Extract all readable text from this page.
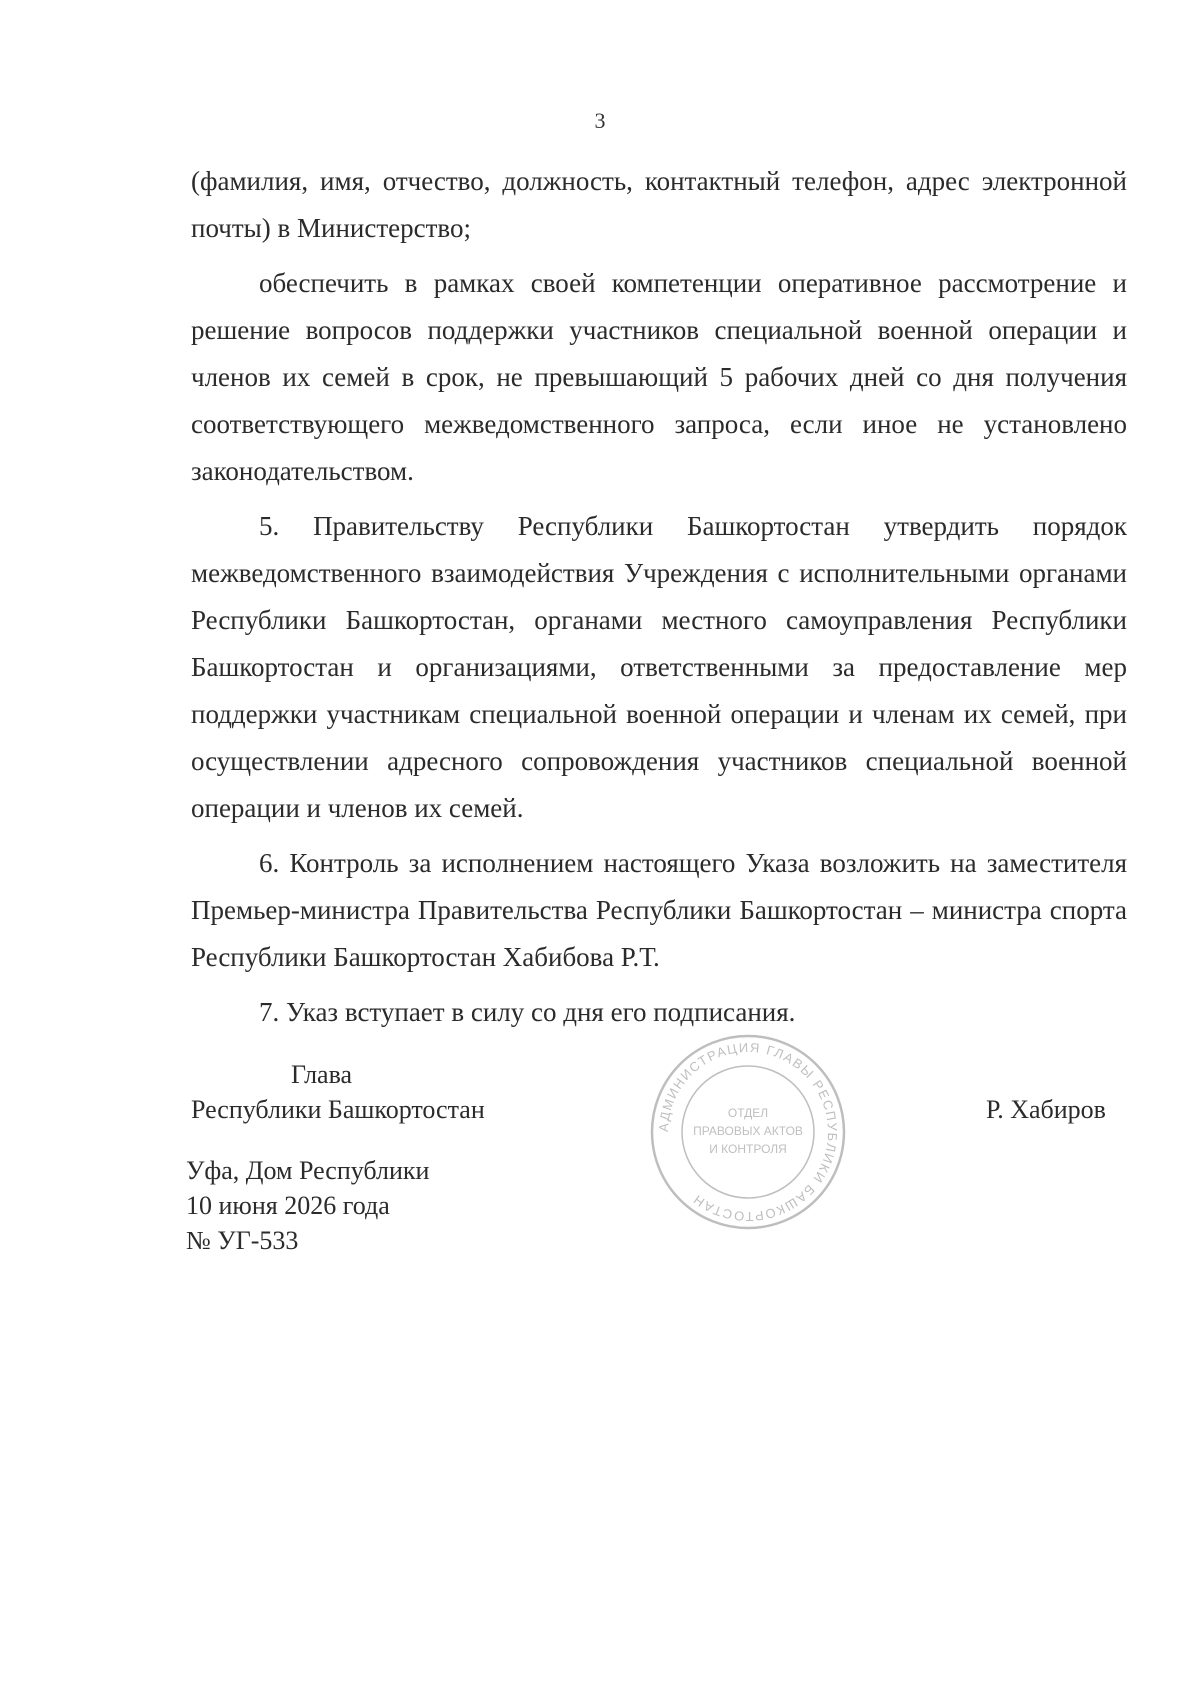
3

(фамилия, имя, отчество, должность, контактный телефон, адрес электронной почты) в Министерство;

обеспечить в рамках своей компетенции оперативное рассмотрение и решение вопросов поддержки участников специальной военной операции и членов их семей в срок, не превышающий 5 рабочих дней со дня получения соответствующего межведомственного запроса, если иное не установлено законодательством.

5. Правительству Республики Башкортостан утвердить порядок межведомственного взаимодействия Учреждения с исполнительными органами Республики Башкортостан, органами местного самоуправления Республики Башкортостан и организациями, ответственными за предоставление мер поддержки участникам специальной военной операции и членам их семей, при осуществлении адресного сопровождения участников специальной военной операции и членов их семей.

6. Контроль за исполнением настоящего Указа возложить на заместителя Премьер-министра Правительства Республики Башкортостан – министра спорта Республики Башкортостан Хабибова Р.Т.

7. Указ вступает в силу со дня его подписания.

Глава
Республики Башкортостан	Р. Хабиров
Уфа, Дом Республики
10 июня 2026 года
№ УГ-533
АДМИНИСТРАЦИЯ ГЛАВЫ РЕСПУБЛИКИ БАШКОРТОСТАН
ОТДЕЛ
ПРАВОВЫХ АКТОВ
И КОНТРОЛЯ
